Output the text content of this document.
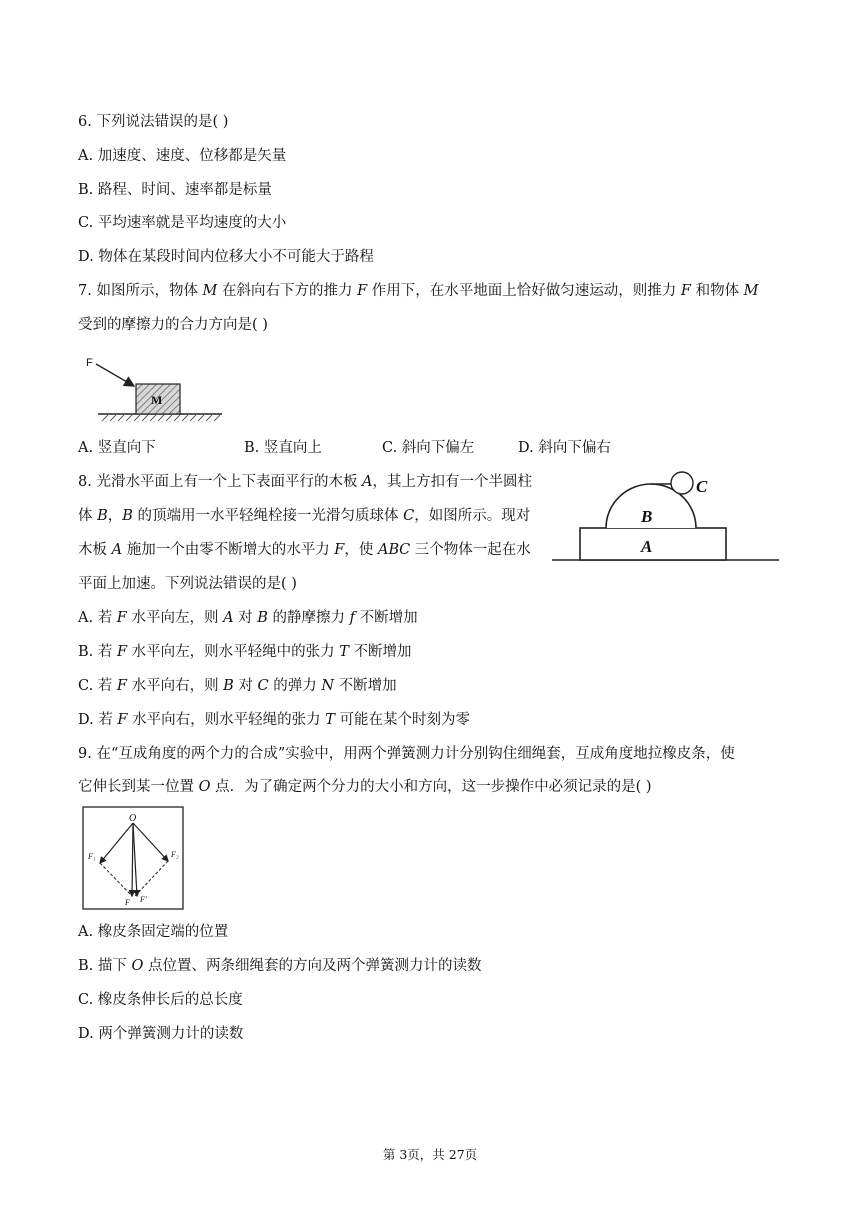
6. 下列说法错误的是( )
A. 加速度、速度、位移都是矢量
B. 路程、时间、速率都是标量
C. 平均速率就是平均速度的大小
D. 物体在某段时间内位移大小不可能大于路程
7. 如图所示，物体 𝑀 在斜向右下方的推力 𝐹 作用下，在水平地面上恰好做匀速运动，则推力 𝐹 和物体 𝑀
受到的摩擦力的合力方向是( )
M
F
A. 竖直向下	B. 竖直向上	C. 斜向下偏左	D. 斜向下偏右
8. 光滑水平面上有一个上下表面平行的木板 𝐴，其上方扣有一个半圆柱
体 𝐵，𝐵 的顶端用一水平轻绳栓接一光滑匀质球体 𝐶，如图所示。现对
木板 𝐴 施加一个由零不断增大的水平力 𝐹，使 𝐴𝐵𝐶 三个物体一起在水
平面上加速。下列说法错误的是( )
A
B
C
A. 若 𝐹 水平向左，则 𝐴 对 𝐵 的静摩擦力 𝑓 不断增加
B. 若 𝐹 水平向左，则水平轻绳中的张力 𝑇 不断增加
C. 若 𝐹 水平向右，则 𝐵 对 𝐶 的弹力 𝑁 不断增加
D. 若 𝐹 水平向右，则水平轻绳的张力 𝑇 可能在某个时刻为零
9. 在“互成角度的两个力的合成”实验中，用两个弹簧测力计分别钩住细绳套，互成角度地拉橡皮条，使
它伸长到某一位置 𝑂 点．为了确定两个分力的大小和方向，这一步操作中必须记录的是( )
O
F₁	F₂
F F'
A. 橡皮条固定端的位置
B. 描下 𝑂 点位置、两条细绳套的方向及两个弹簧测力计的读数
C. 橡皮条伸长后的总长度
D. 两个弹簧测力计的读数
第 3页，共 27页
